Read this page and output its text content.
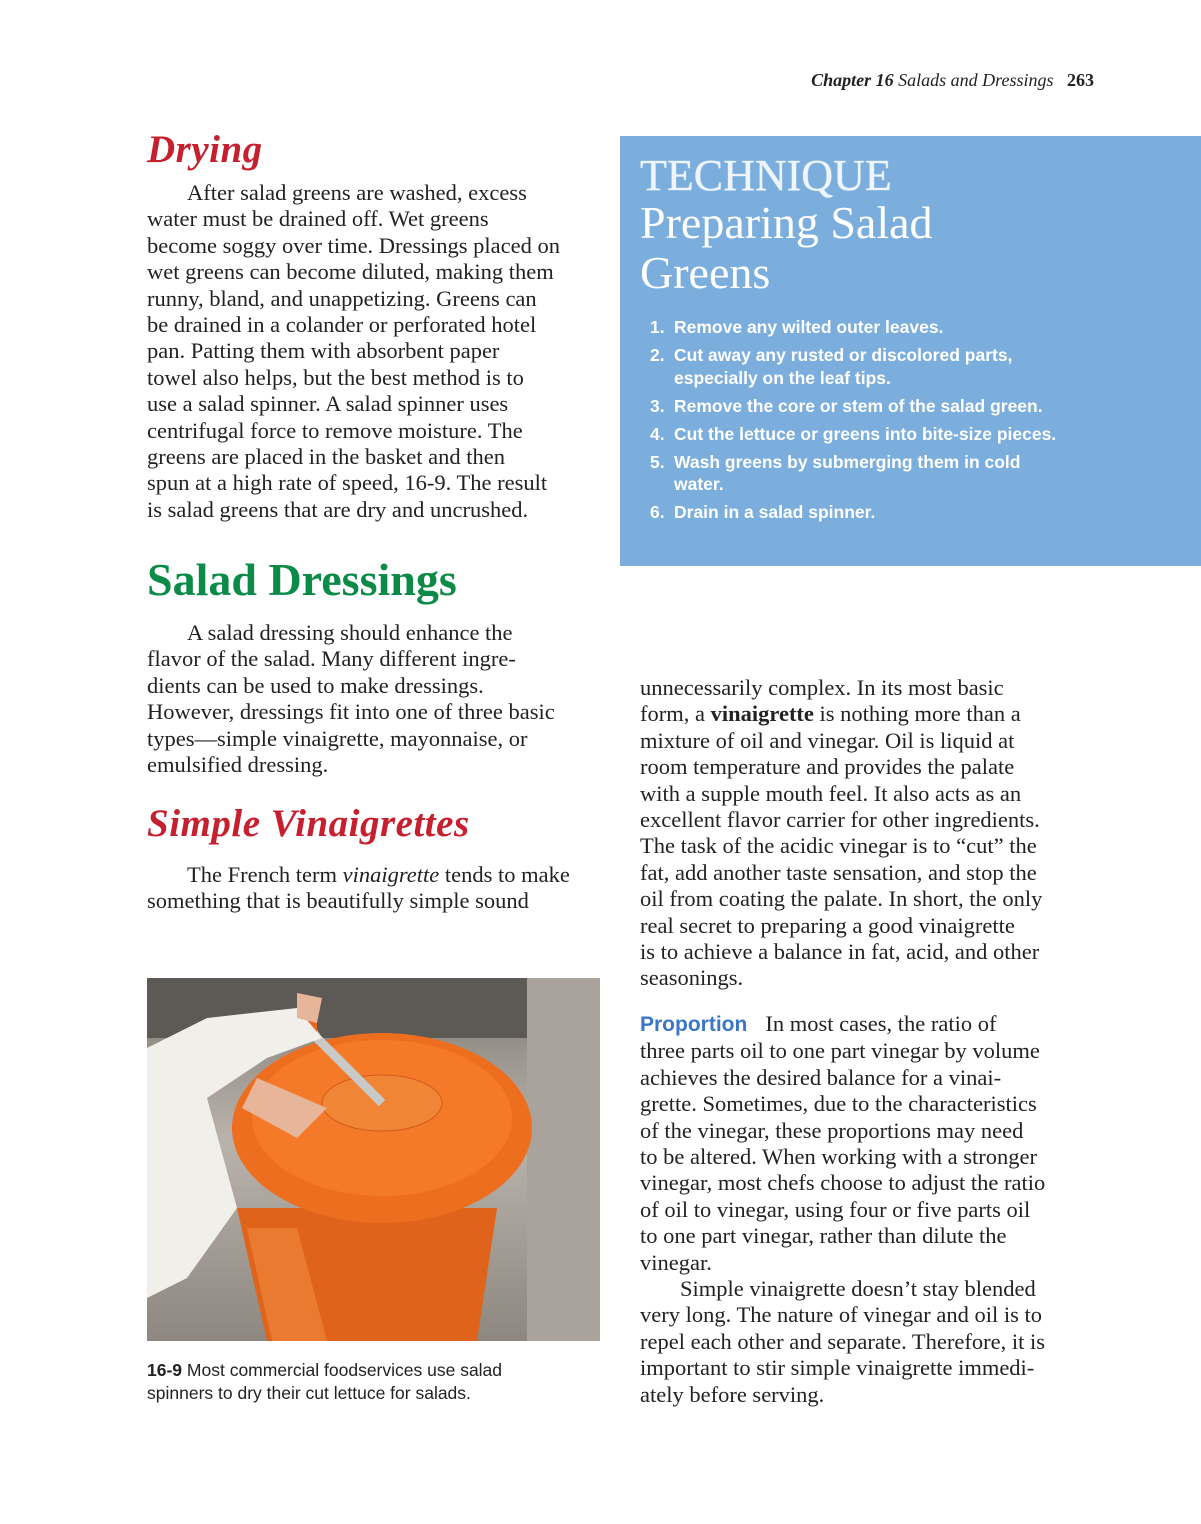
Chapter 16 Salads and Dressings 263
Drying
After salad greens are washed, excess
water must be drained off. Wet greens
become soggy over time. Dressings placed on
wet greens can become diluted, making them
runny, bland, and unappetizing. Greens can
be drained in a colander or perforated hotel
pan. Patting them with absorbent paper
towel also helps, but the best method is to
use a salad spinner. A salad spinner uses
centrifugal force to remove moisture. The
greens are placed in the basket and then
spun at a high rate of speed, 16-9. The result
is salad greens that are dry and uncrushed.
Salad Dressings
A salad dressing should enhance the
flavor of the salad. Many different ingre-
dients can be used to make dressings.
However, dressings fit into one of three basic
types—simple vinaigrette, mayonnaise, or
emulsified dressing.
Simple Vinaigrettes
The French term vinaigrette tends to make
something that is beautifully simple sound
TECHNIQUE
Preparing Salad
Greens
1. Remove any wilted outer leaves.
2. Cut away any rusted or discolored parts,
especially on the leaf tips.
3. Remove the core or stem of the salad green.
4. Cut the lettuce or greens into bite-size pieces.
5. Wash greens by submerging them in cold
water.
6. Drain in a salad spinner.
16-9 Most commercial foodservices use salad
spinners to dry their cut lettuce for salads.
unnecessarily complex. In its most basic
form, a vinaigrette is nothing more than a
mixture of oil and vinegar. Oil is liquid at
room temperature and provides the palate
with a supple mouth feel. It also acts as an
excellent flavor carrier for other ingredients.
The task of the acidic vinegar is to “cut” the
fat, add another taste sensation, and stop the
oil from coating the palate. In short, the only
real secret to preparing a good vinaigrette
is to achieve a balance in fat, acid, and other
seasonings.
Proportion In most cases, the ratio of
three parts oil to one part vinegar by volume
achieves the desired balance for a vinai-
grette. Sometimes, due to the characteristics
of the vinegar, these proportions may need
to be altered. When working with a stronger
vinegar, most chefs choose to adjust the ratio
of oil to vinegar, using four or five parts oil
to one part vinegar, rather than dilute the
vinegar.
Simple vinaigrette doesn’t stay blended
very long. The nature of vinegar and oil is to
repel each other and separate. Therefore, it is
important to stir simple vinaigrette immedi-
ately before serving.
